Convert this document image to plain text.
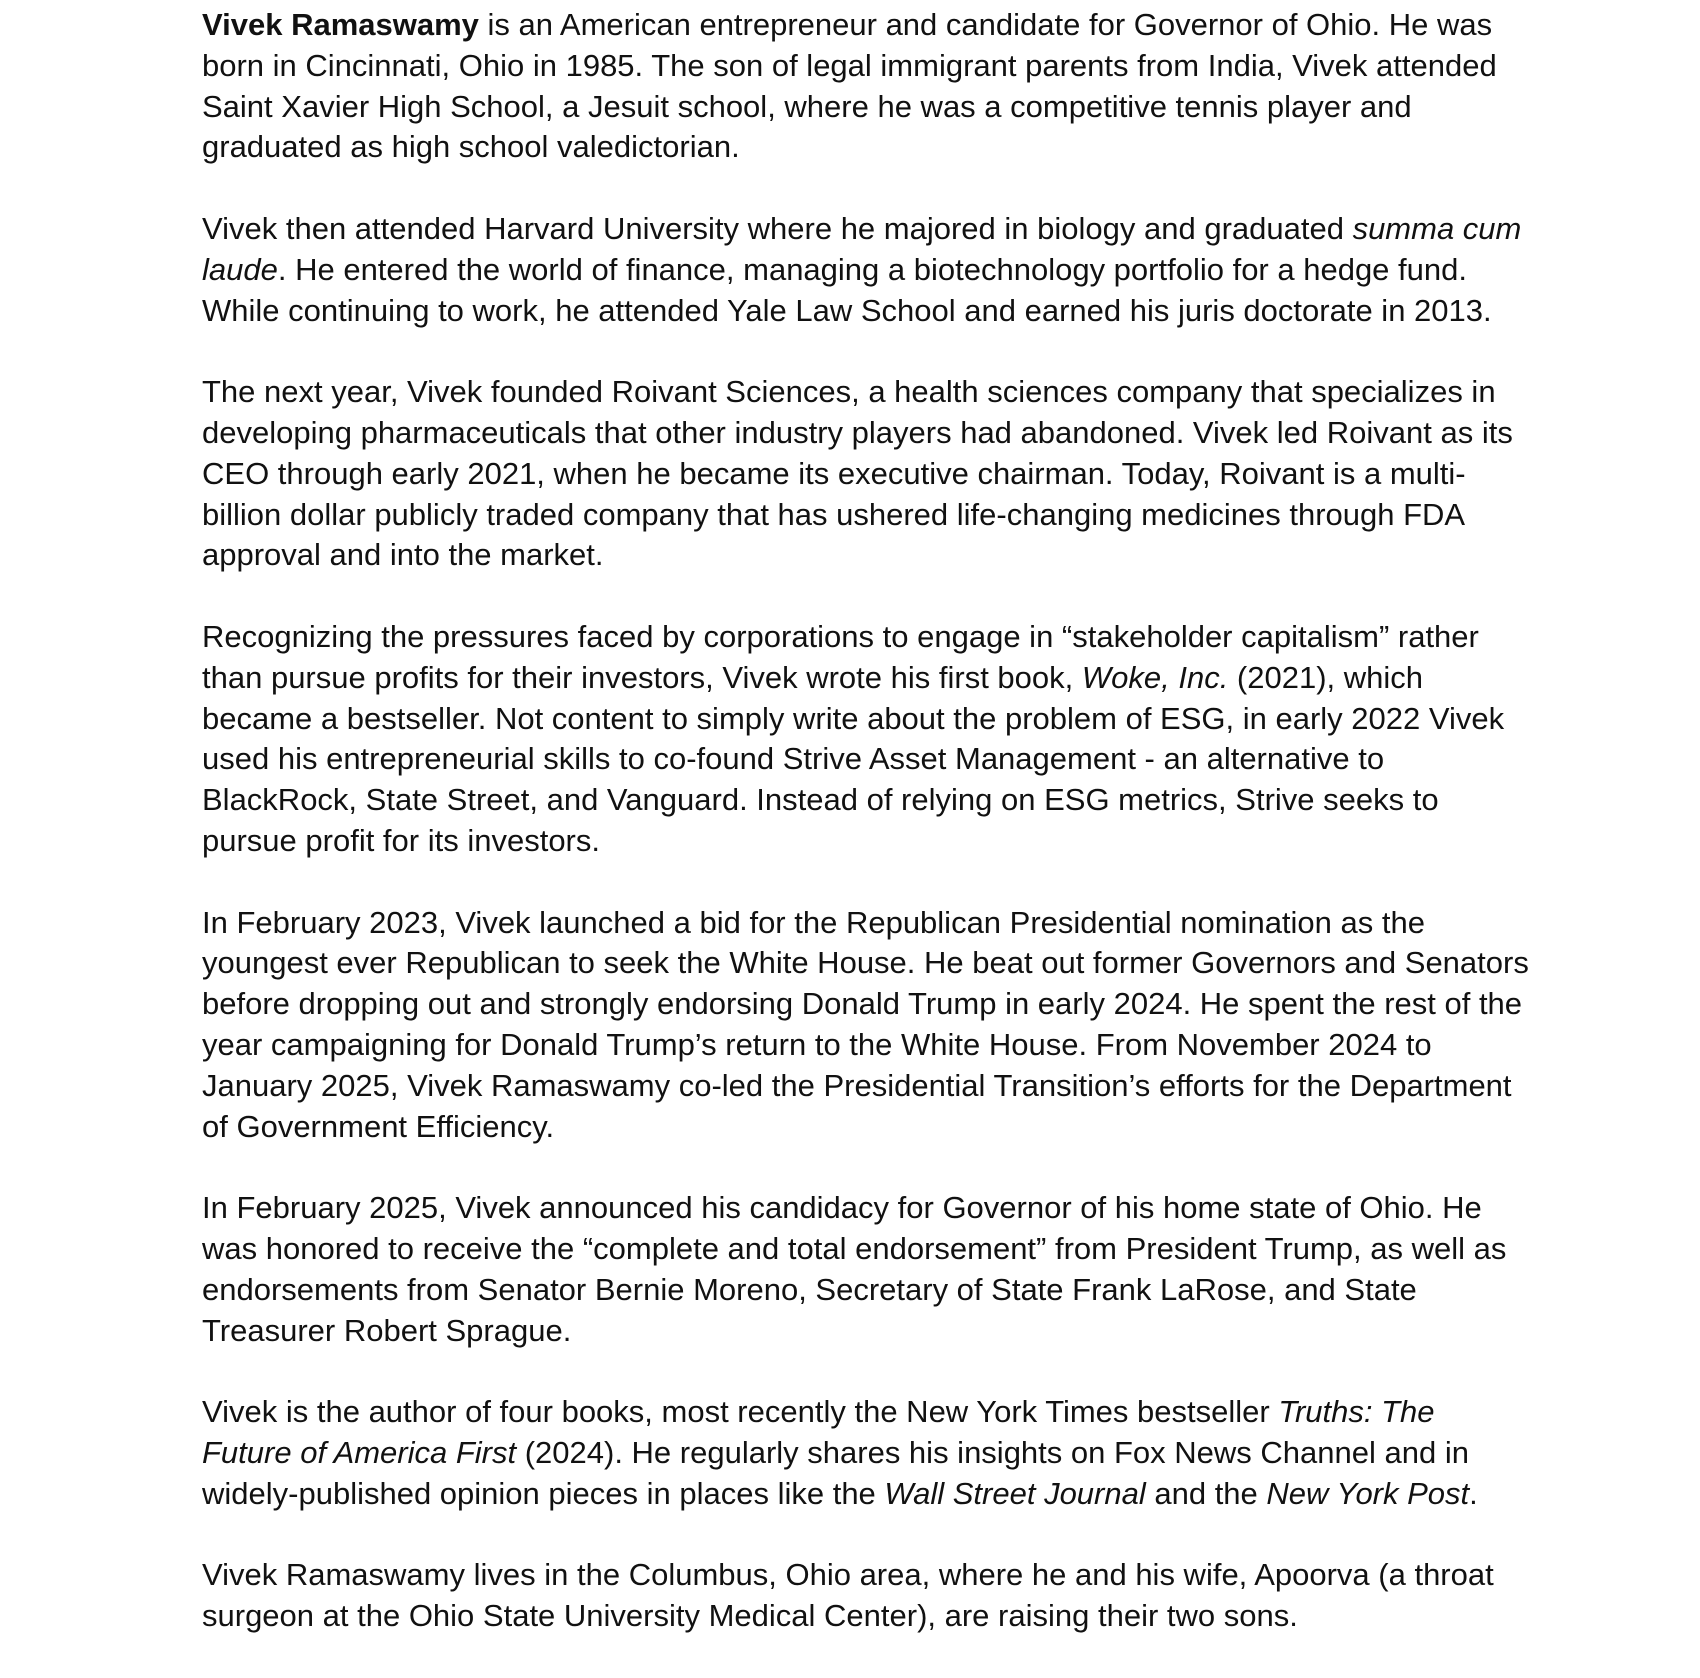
Vivek Ramaswamy is an American entrepreneur and candidate for Governor of Ohio. He was born in Cincinnati, Ohio in 1985. The son of legal immigrant parents from India, Vivek attended Saint Xavier High School, a Jesuit school, where he was a competitive tennis player and graduated as high school valedictorian.

Vivek then attended Harvard University where he majored in biology and graduated summa cum laude. He entered the world of finance, managing a biotechnology portfolio for a hedge fund. While continuing to work, he attended Yale Law School and earned his juris doctorate in 2013.

The next year, Vivek founded Roivant Sciences, a health sciences company that specializes in developing pharmaceuticals that other industry players had abandoned. Vivek led Roivant as its CEO through early 2021, when he became its executive chairman. Today, Roivant is a multi-billion dollar publicly traded company that has ushered life-changing medicines through FDA approval and into the market.

Recognizing the pressures faced by corporations to engage in “stakeholder capitalism” rather than pursue profits for their investors, Vivek wrote his first book, Woke, Inc. (2021), which became a bestseller. Not content to simply write about the problem of ESG, in early 2022 Vivek used his entrepreneurial skills to co-found Strive Asset Management - an alternative to BlackRock, State Street, and Vanguard. Instead of relying on ESG metrics, Strive seeks to pursue profit for its investors.

In February 2023, Vivek launched a bid for the Republican Presidential nomination as the youngest ever Republican to seek the White House. He beat out former Governors and Senators before dropping out and strongly endorsing Donald Trump in early 2024. He spent the rest of the year campaigning for Donald Trump’s return to the White House. From November 2024 to January 2025, Vivek Ramaswamy co-led the Presidential Transition’s efforts for the Department of Government Efficiency.

In February 2025, Vivek announced his candidacy for Governor of his home state of Ohio. He was honored to receive the “complete and total endorsement” from President Trump, as well as endorsements from Senator Bernie Moreno, Secretary of State Frank LaRose, and State Treasurer Robert Sprague.

Vivek is the author of four books, most recently the New York Times bestseller Truths: The Future of America First (2024). He regularly shares his insights on Fox News Channel and in widely-published opinion pieces in places like the Wall Street Journal and the New York Post.

Vivek Ramaswamy lives in the Columbus, Ohio area, where he and his wife, Apoorva (a throat surgeon at the Ohio State University Medical Center), are raising their two sons.
